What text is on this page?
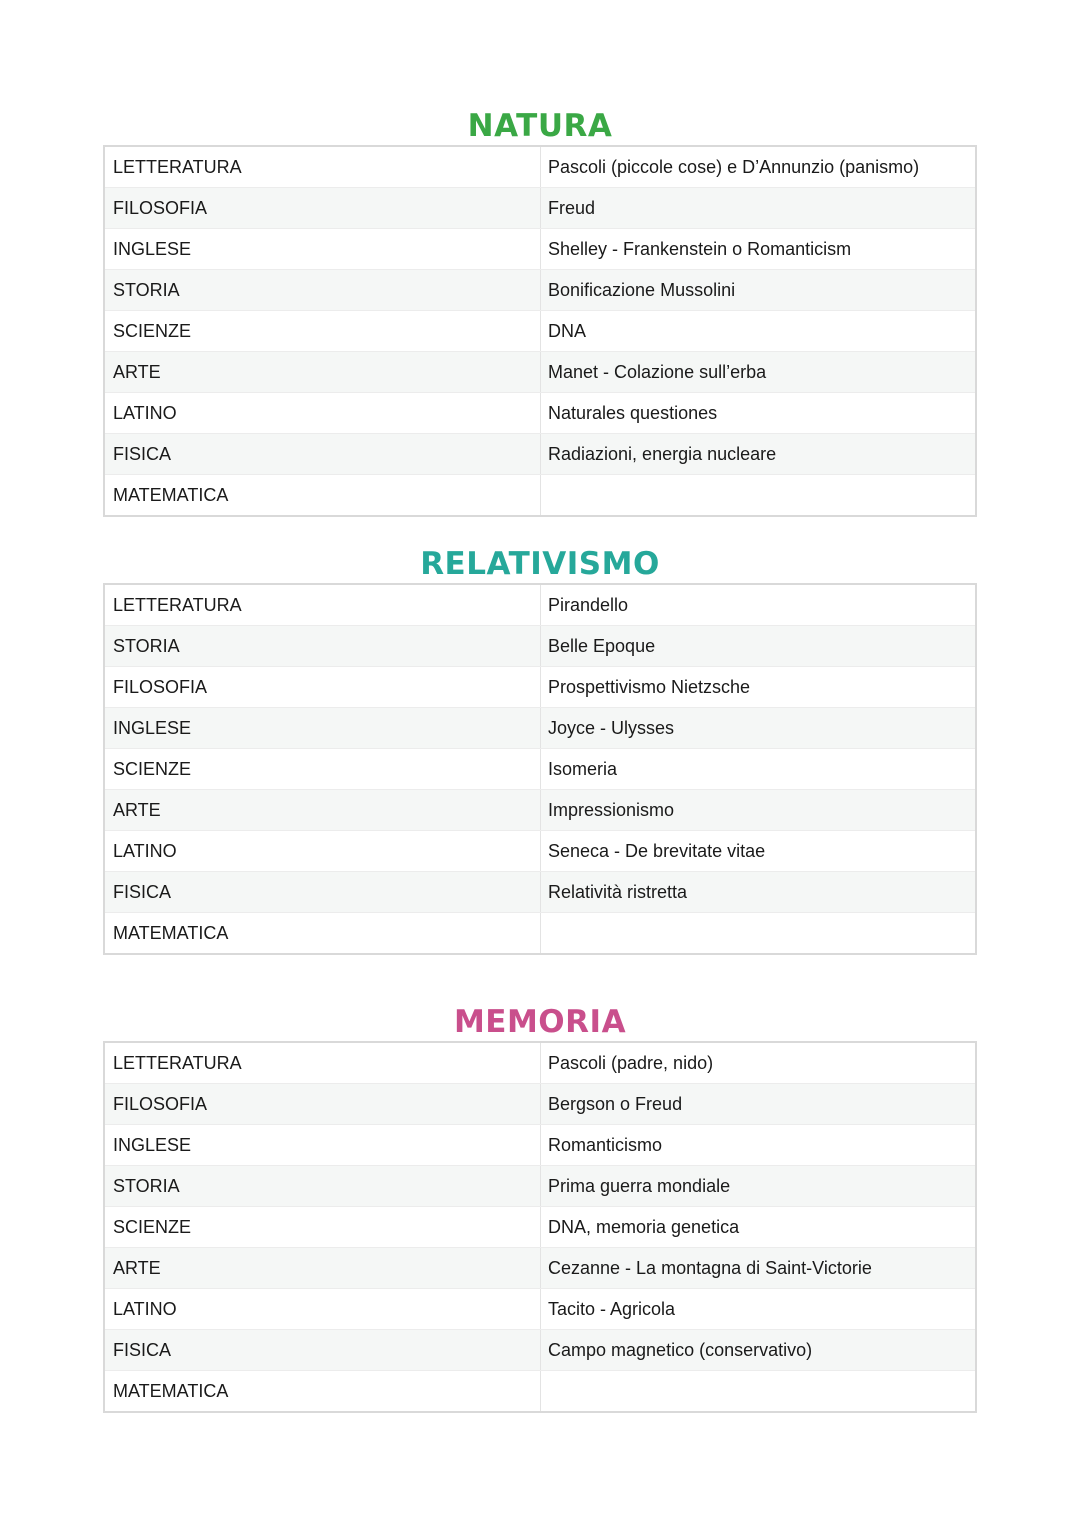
NATURA
LETTERATURA	Pascoli (piccole cose) e D’Annunzio (panismo)
FILOSOFIA	Freud
INGLESE	Shelley - Frankenstein o Romanticism
STORIA	Bonificazione Mussolini
SCIENZE	DNA
ARTE	Manet - Colazione sull’erba
LATINO	Naturales questiones
FISICA	Radiazioni, energia nucleare
MATEMATICA
RELATIVISMO
LETTERATURA	Pirandello
STORIA	Belle Epoque
FILOSOFIA	Prospettivismo Nietzsche
INGLESE	Joyce - Ulysses
SCIENZE	Isomeria
ARTE	Impressionismo
LATINO	Seneca - De brevitate vitae
FISICA	Relatività ristretta
MATEMATICA
MEMORIA
LETTERATURA	Pascoli (padre, nido)
FILOSOFIA	Bergson o Freud
INGLESE	Romanticismo
STORIA	Prima guerra mondiale
SCIENZE	DNA, memoria genetica
ARTE	Cezanne - La montagna di Saint-Victorie
LATINO	Tacito - Agricola
FISICA	Campo magnetico (conservativo)
MATEMATICA
